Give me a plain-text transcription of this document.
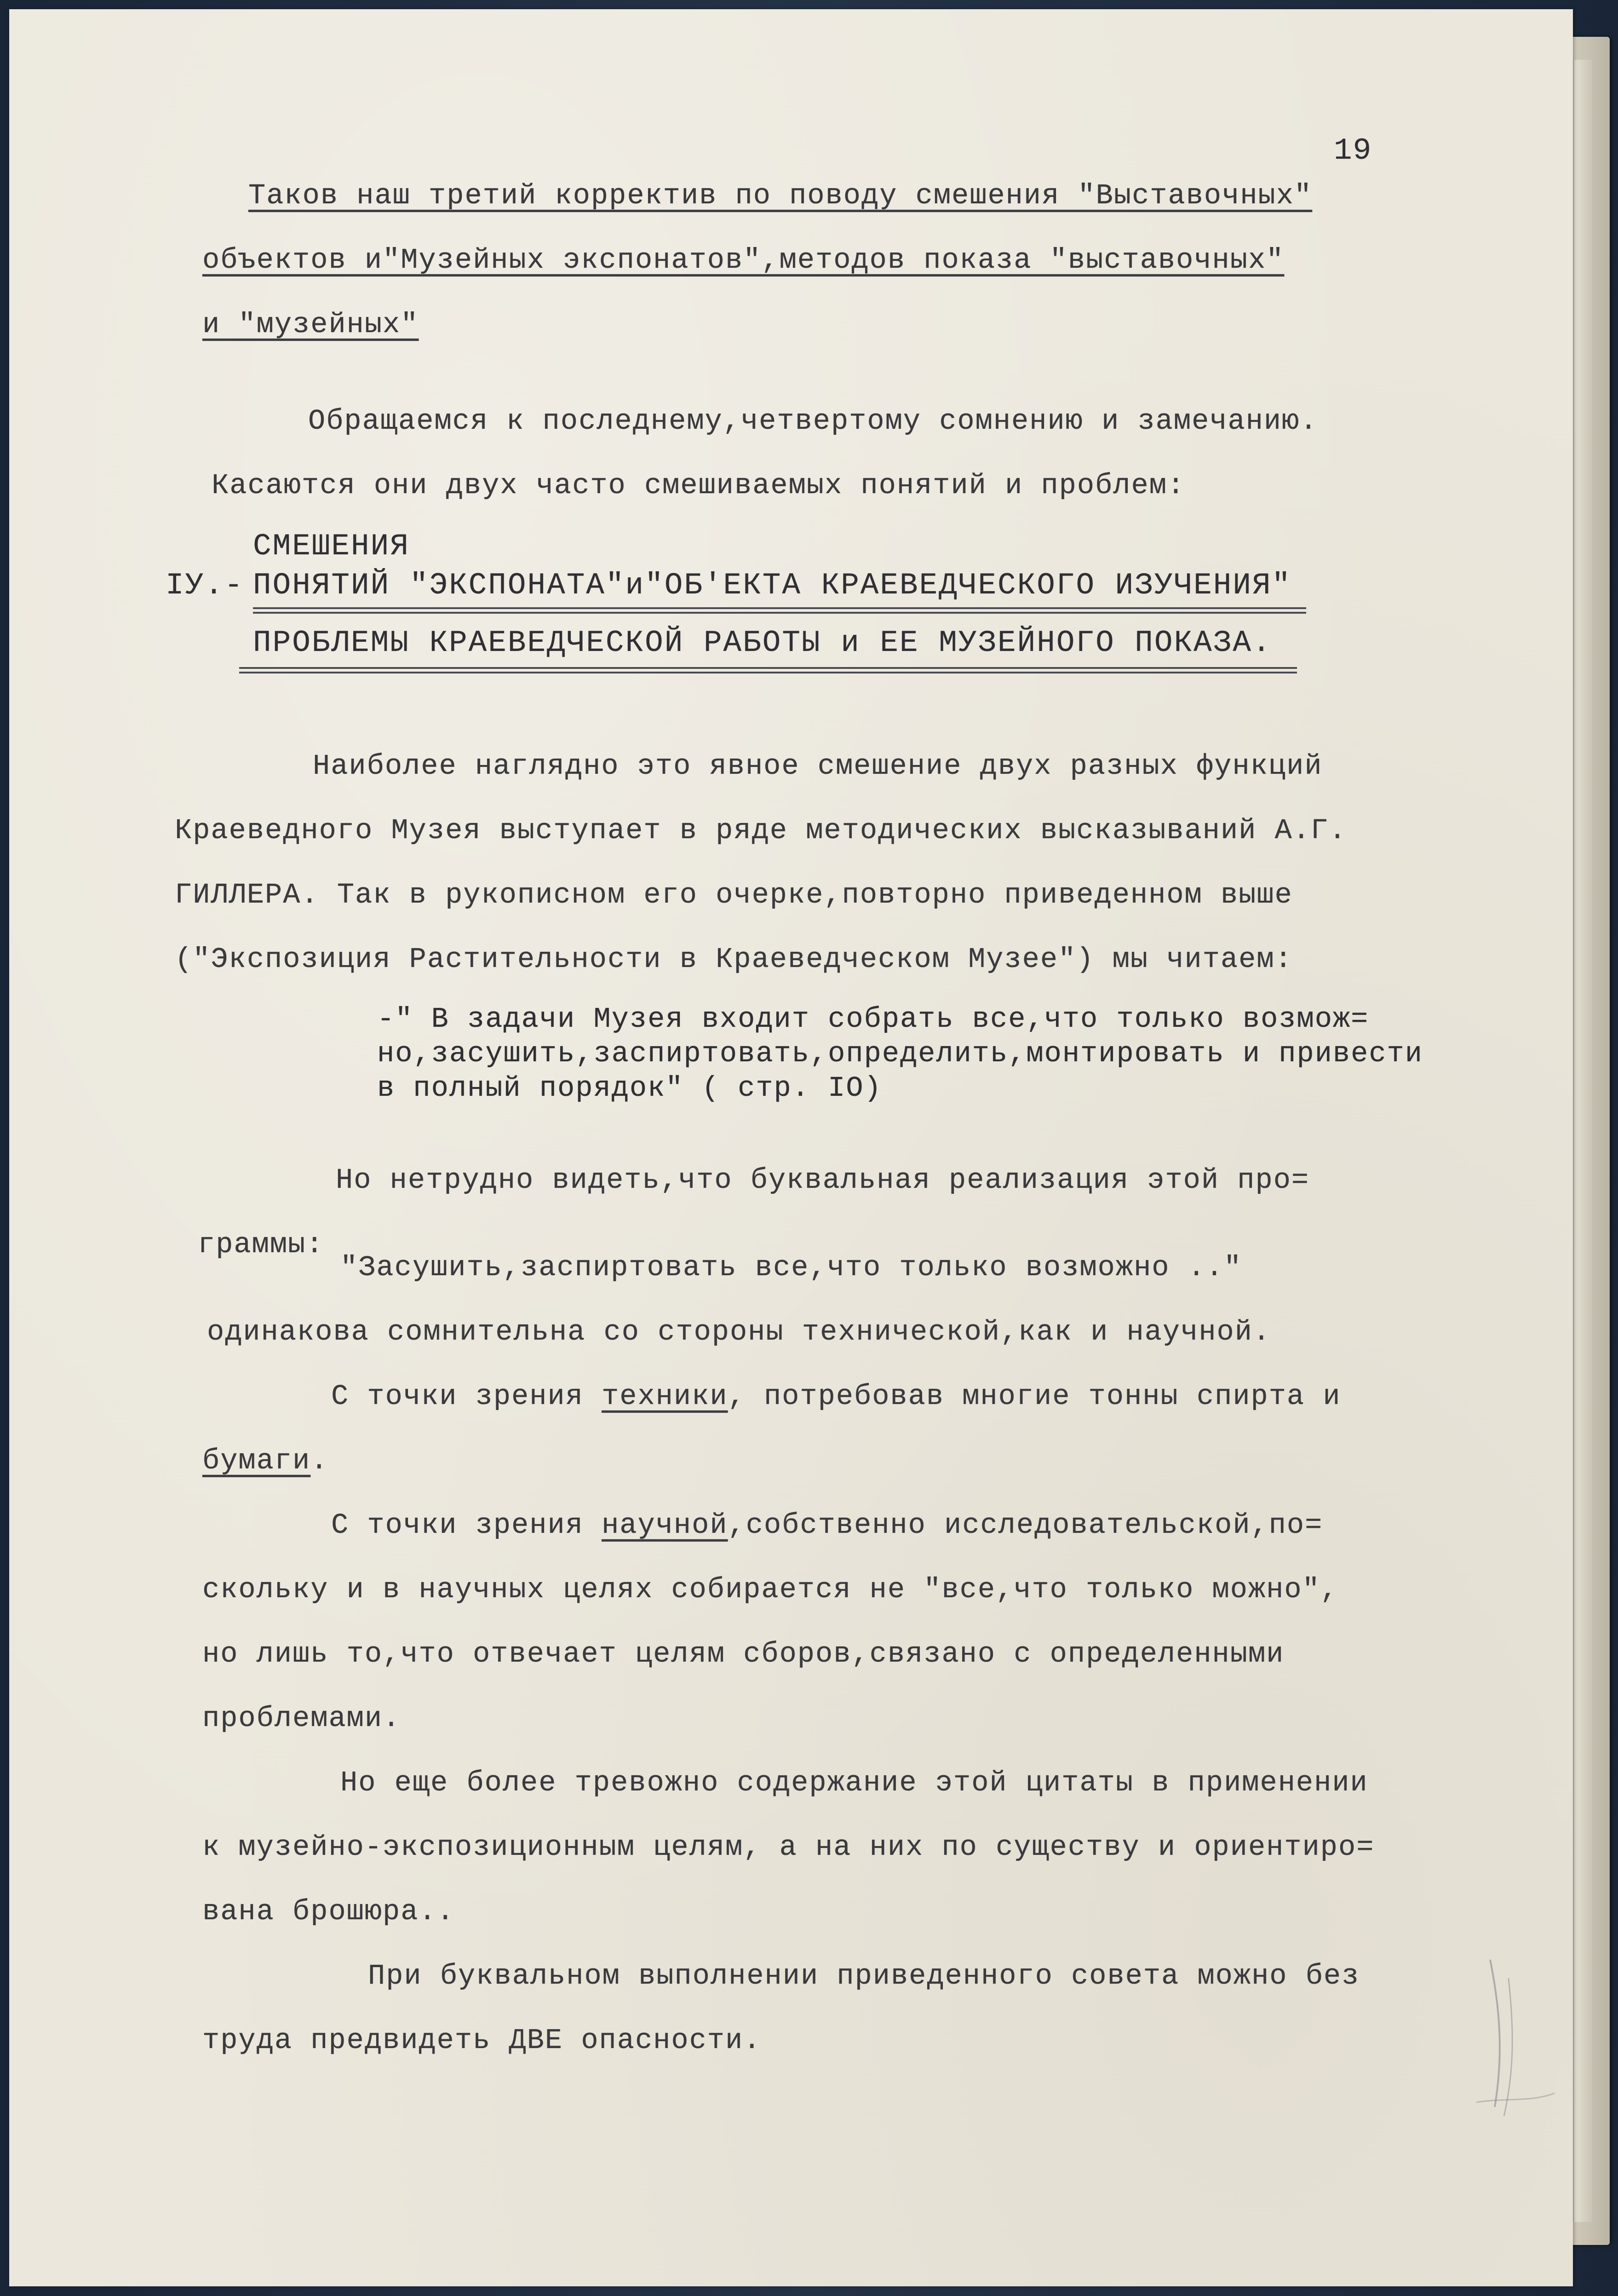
19
Таков наш третий корректив по поводу смешения "Выставочных"
объектов и"Музейных экспонатов",методов показа "выставочных"
и "музейных"
Обращаемся к последнему,четвертому сомнению и замечанию.
Касаются они двух часто смешиваемых понятий и проблем:
СМЕШЕНИЯ
IУ.- ПОНЯТИЙ "ЭКСПОНАТА"и"ОБ'ЕКТА КРАЕВЕДЧЕСКОГО ИЗУЧЕНИЯ"
ПРОБЛЕМЫ КРАЕВЕДЧЕСКОЙ РАБОТЫ и ЕЕ МУЗЕЙНОГО ПОКАЗА.
Наиболее наглядно это явное смешение двух разных функций
Краеведного Музея выступает в ряде методических высказываний А.Г.
ГИЛЛЕРА. Так в рукописном его очерке,повторно приведенном выше
("Экспозиция Растительности в Краеведческом Музее") мы читаем:
-" В задачи Музея входит собрать все,что только возмож=
но,засушить,заспиртовать,определить,монтировать и привести
в полный порядок" ( стр. IO)
Но нетрудно видеть,что буквальная реализация этой про=
граммы:
"Засушить,заспиртовать все,что только возможно .."
одинакова сомнительна со стороны технической,как и научной.
С точки зрения техники, потребовав многие тонны спирта и
бумаги.
С точки зрения научной,собственно исследовательской,по=
скольку и в научных целях собирается не "все,что только можно",
но лишь то,что отвечает целям сборов,связано с определенными
проблемами.
Но еще более тревожно содержание этой цитаты в применении
к музейно-экспозиционным целям, а на них по существу и ориентиро=
вана брошюра..
При буквальном выполнении приведенного совета можно без
труда предвидеть ДВЕ опасности.
